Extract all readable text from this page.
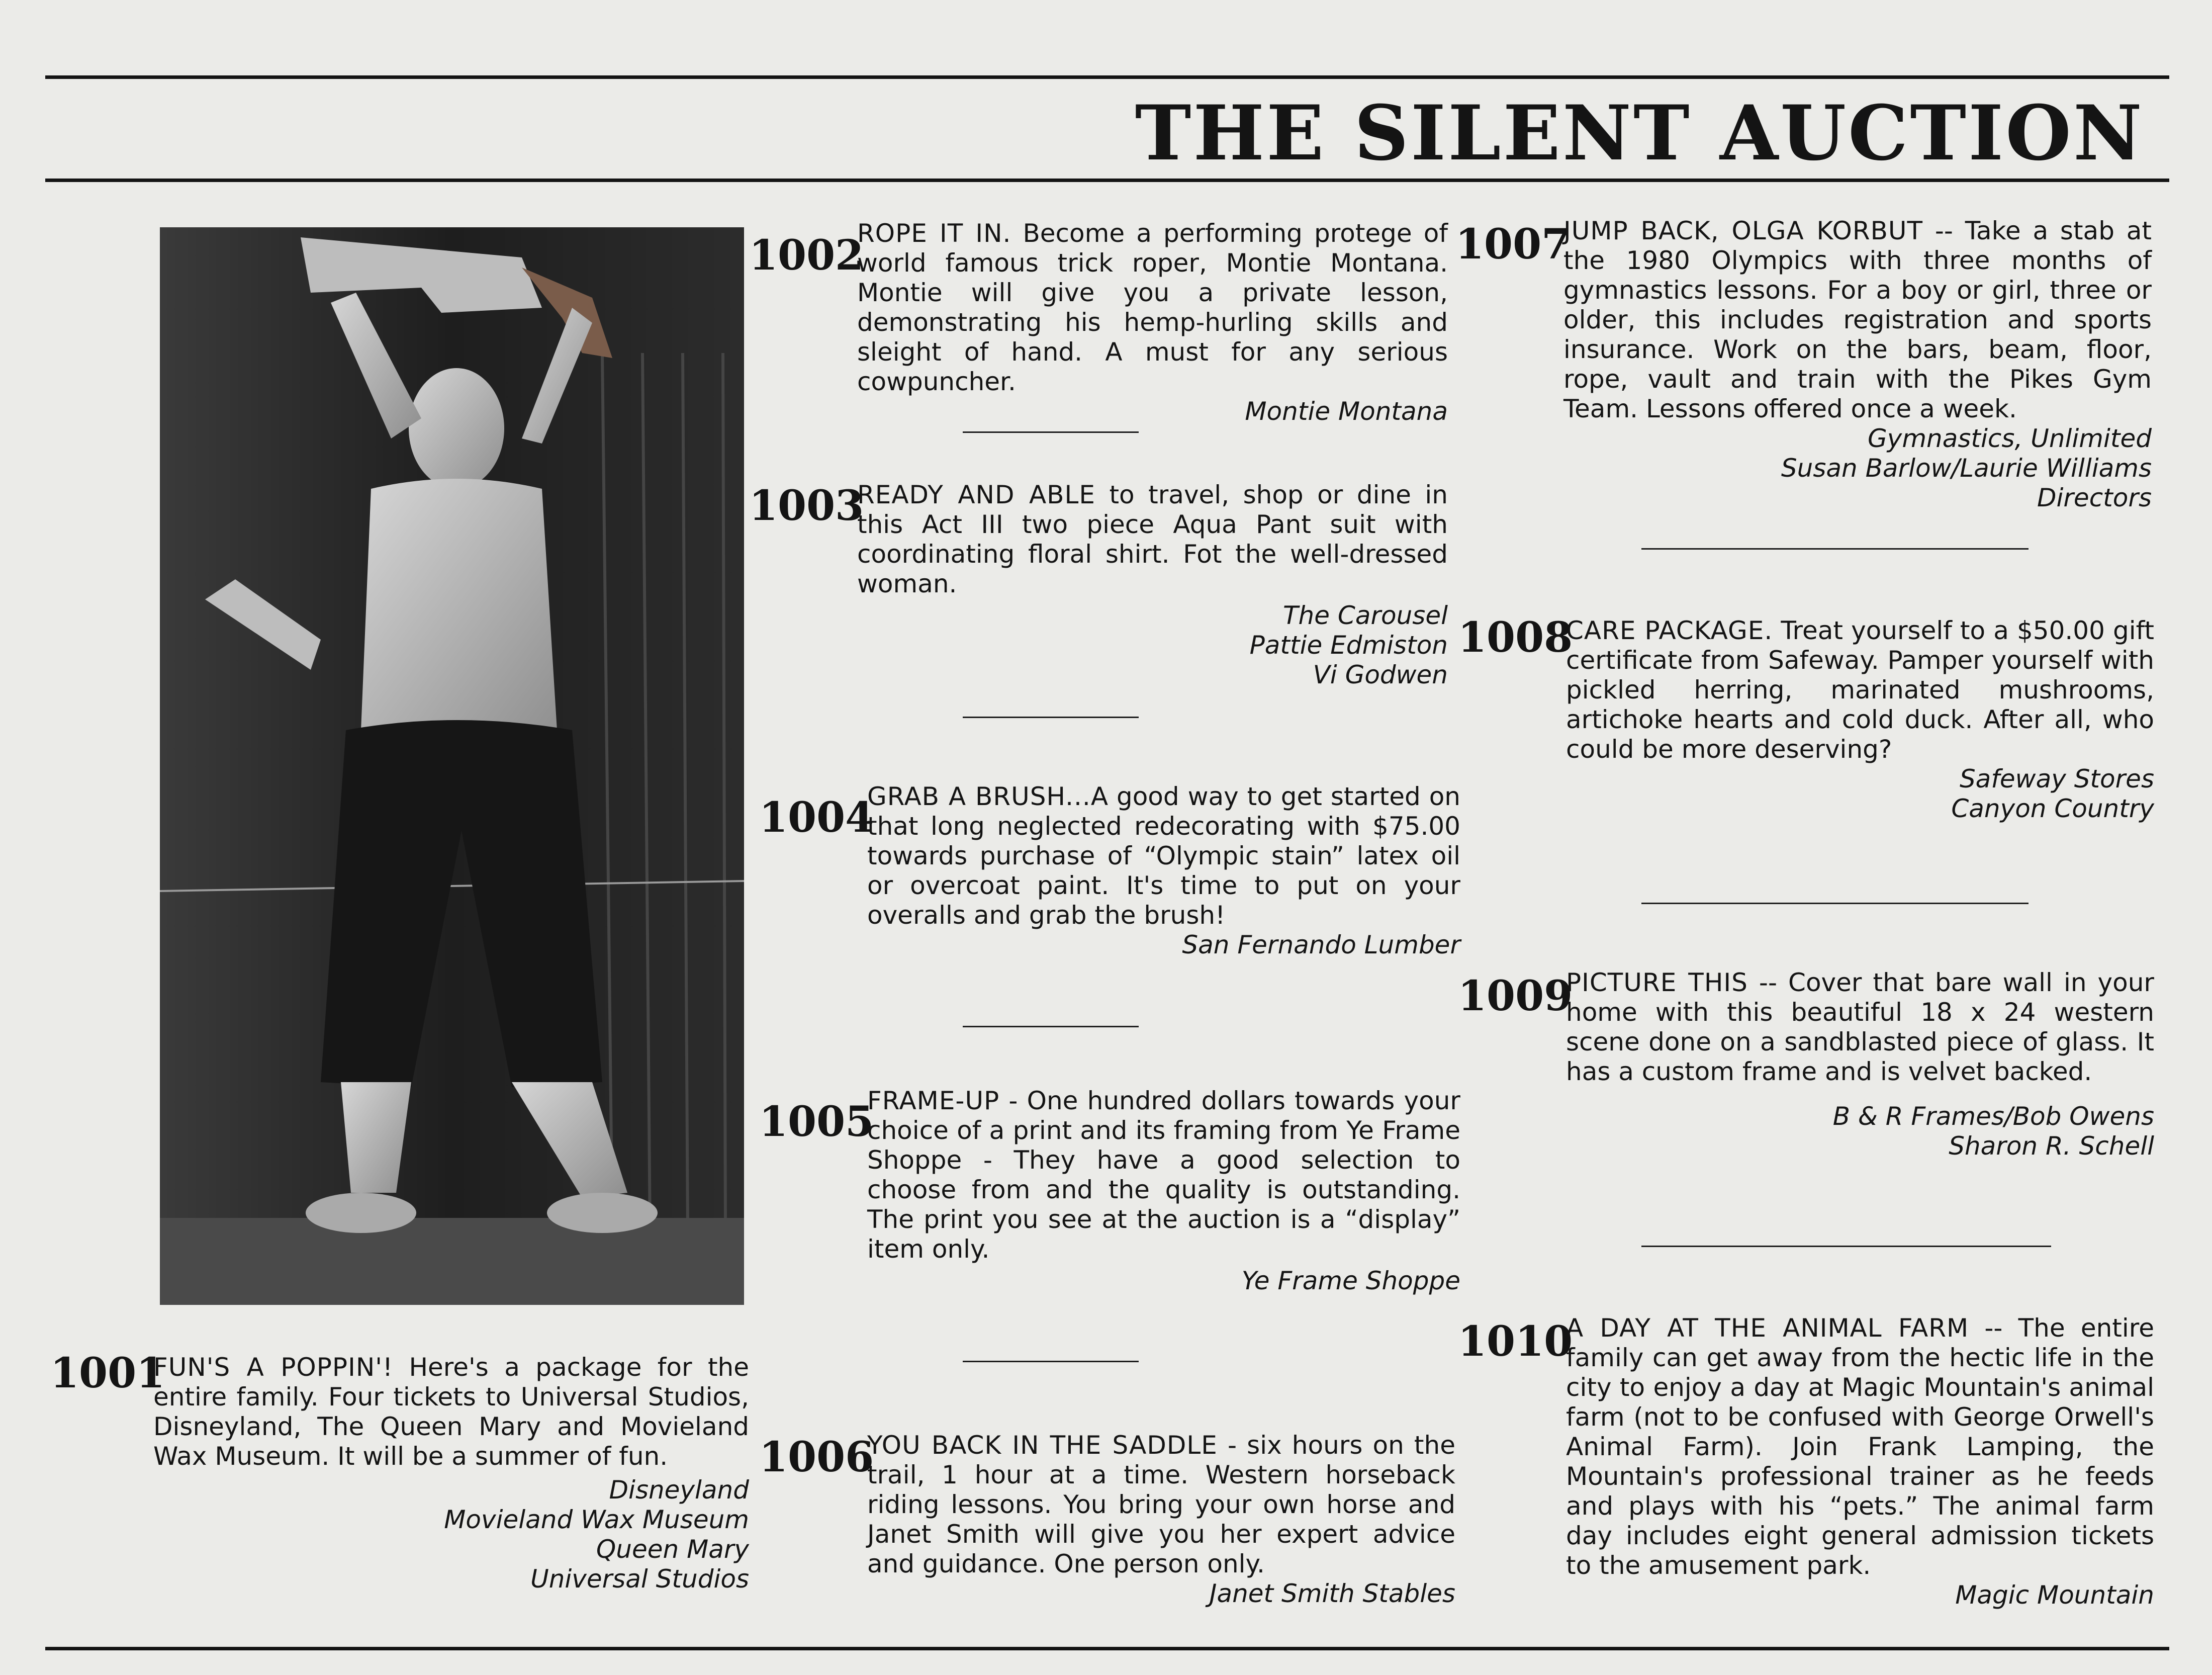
THE SILENT AUCTION
1001
FUN'S A POPPIN'! Here's a package for the entire family. Four tickets to Universal Studios, Disneyland, The Queen Mary and Movieland Wax Museum. It will be a summer of fun.
Disneyland
Movieland Wax Museum
Queen Mary
Universal Studios
1002
ROPE IT IN. Become a performing protege of world famous trick roper, Montie Montana. Montie will give you a private lesson, demonstrating his hemp-hurling skills and sleight of hand. A must for any serious cowpuncher.
Montie Montana
1003
READY AND ABLE to travel, shop or dine in this Act III two piece Aqua Pant suit with coordinating floral shirt. Fot the well-dressed woman.
The Carousel
Pattie Edmiston
Vi Godwen
1004
GRAB A BRUSH...A good way to get started on that long neglected redecorating with $75.00 towards purchase of “Olympic stain” latex oil or overcoat paint. It's time to put on your overalls and grab the brush!
San Fernando Lumber
1005
FRAME-UP - One hundred dollars towards your choice of a print and its framing from Ye Frame Shoppe - They have a good selection to choose from and the quality is outstanding. The print you see at the auction is a “display” item only.
Ye Frame Shoppe
1006
YOU BACK IN THE SADDLE - six hours on the trail, 1 hour at a time. Western horseback riding lessons. You bring your own horse and Janet Smith will give you her expert advice and guidance. One person only.
Janet Smith Stables
1007
JUMP BACK, OLGA KORBUT -- Take a stab at the 1980 Olympics with three months of gymnastics lessons. For a boy or girl, three or older, this includes registration and sports insurance. Work on the bars, beam, floor, rope, vault and train with the Pikes Gym Team. Lessons offered once a week.
Gymnastics, Unlimited
Susan Barlow/Laurie Williams
Directors
1008
CARE PACKAGE. Treat yourself to a $50.00 gift certificate from Safeway. Pamper yourself with pickled herring, marinated mushrooms, artichoke hearts and cold duck. After all, who could be more deserving?
Safeway Stores
Canyon Country
1009
PICTURE THIS -- Cover that bare wall in your home with this beautiful 18 x 24 western scene done on a sandblasted piece of glass. It has a custom frame and is velvet backed.
B & R Frames/Bob Owens
Sharon R. Schell
1010
A DAY AT THE ANIMAL FARM -- The entire family can get away from the hectic life in the city to enjoy a day at Magic Mountain's animal farm (not to be confused with George Orwell's Animal Farm). Join Frank Lamping, the Mountain's professional trainer as he feeds and plays with his “pets.” The animal farm day includes eight general admission tickets to the amusement park.
Magic Mountain
